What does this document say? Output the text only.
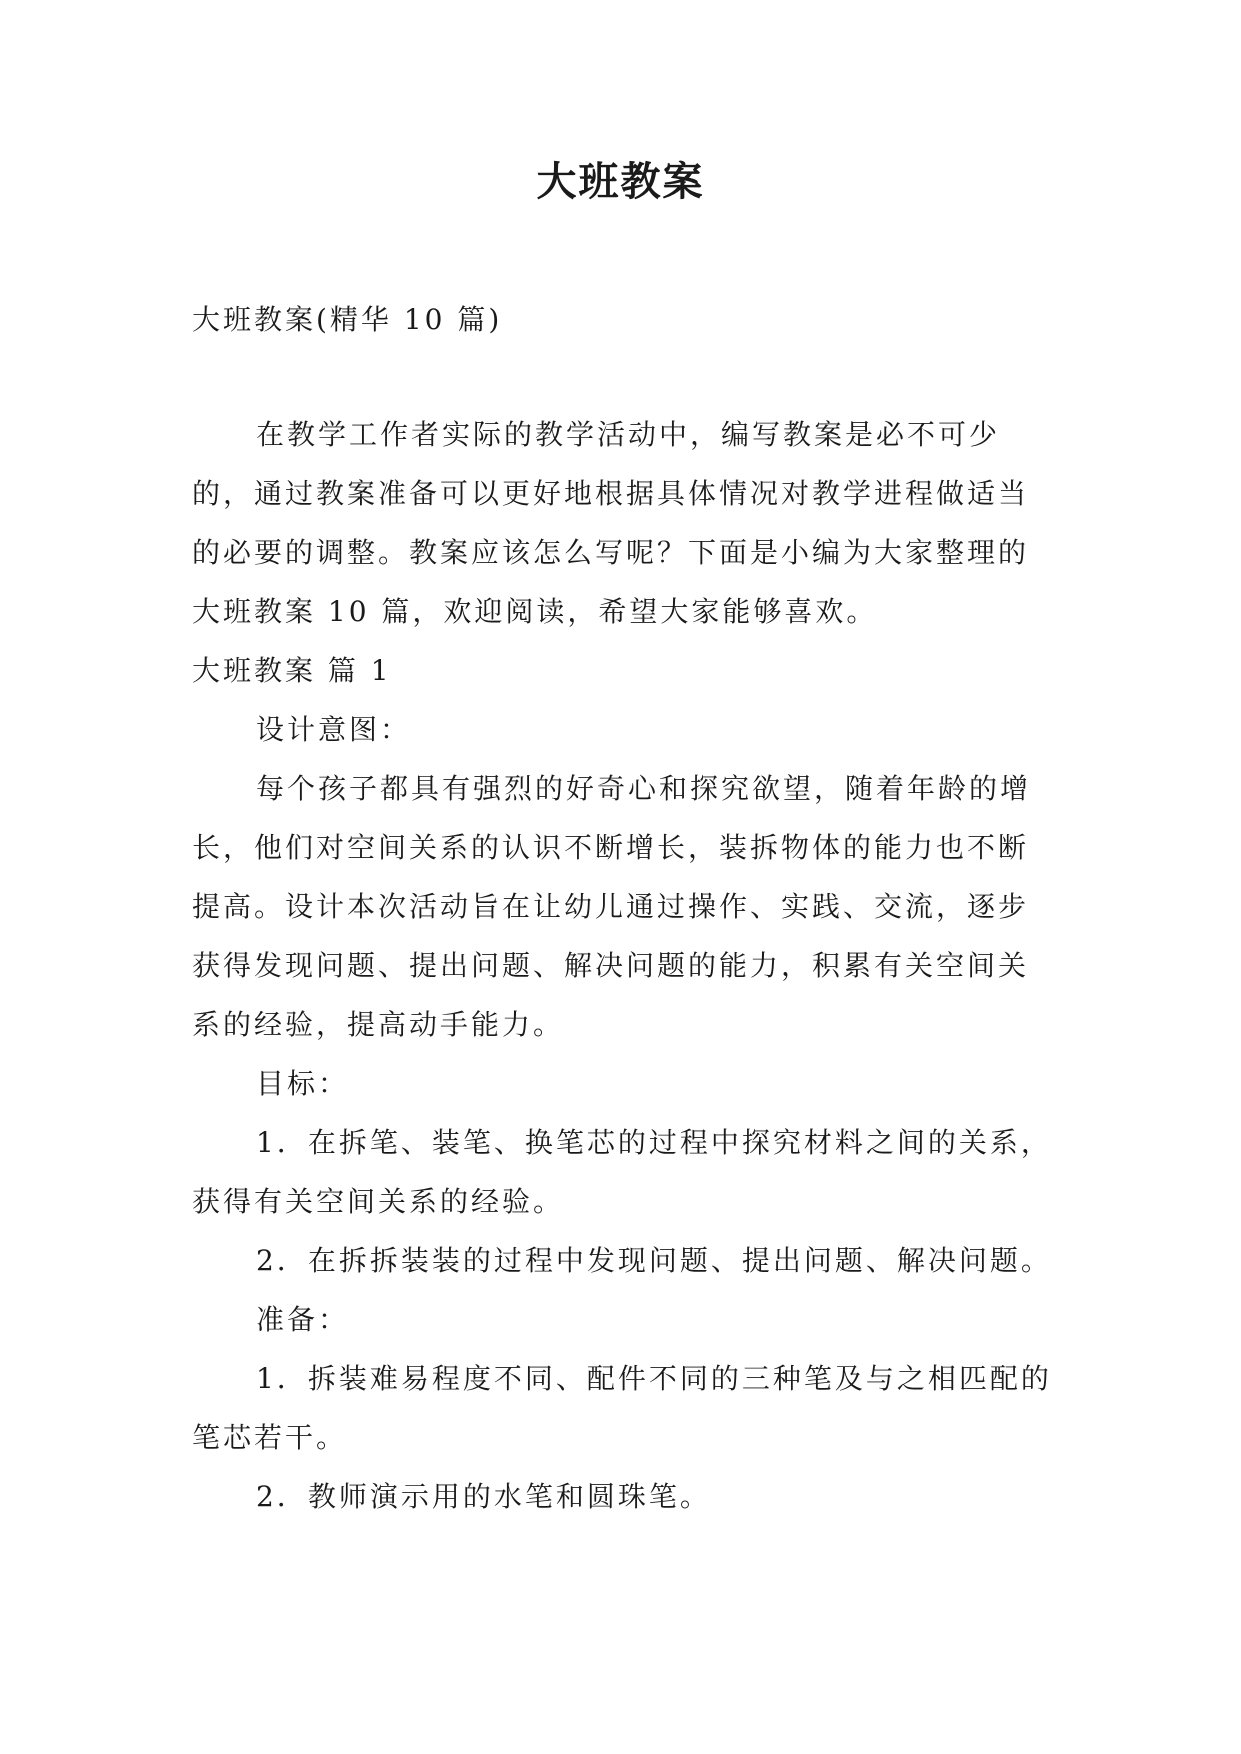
大班教案
大班教案(精华 10 篇)

在教学工作者实际的教学活动中，编写教案是必不可少的，通过教案准备可以更好地根据具体情况对教学进程做适当的必要的调整。教案应该怎么写呢？下面是小编为大家整理的大班教案 10 篇，欢迎阅读，希望大家能够喜欢。

大班教案 篇 1

设计意图：

每个孩子都具有强烈的好奇心和探究欲望，随着年龄的增长，他们对空间关系的认识不断增长，装拆物体的能力也不断提高。设计本次活动旨在让幼儿通过操作、实践、交流，逐步获得发现问题、提出问题、解决问题的能力，积累有关空间关系的经验，提高动手能力。

目标：

1．在拆笔、装笔、换笔芯的过程中探究材料之间的关系，获得有关空间关系的经验。

2．在拆拆装装的过程中发现问题、提出问题、解决问题。

准备：

1．拆装难易程度不同、配件不同的三种笔及与之相匹配的笔芯若干。

2．教师演示用的水笔和圆珠笔。
